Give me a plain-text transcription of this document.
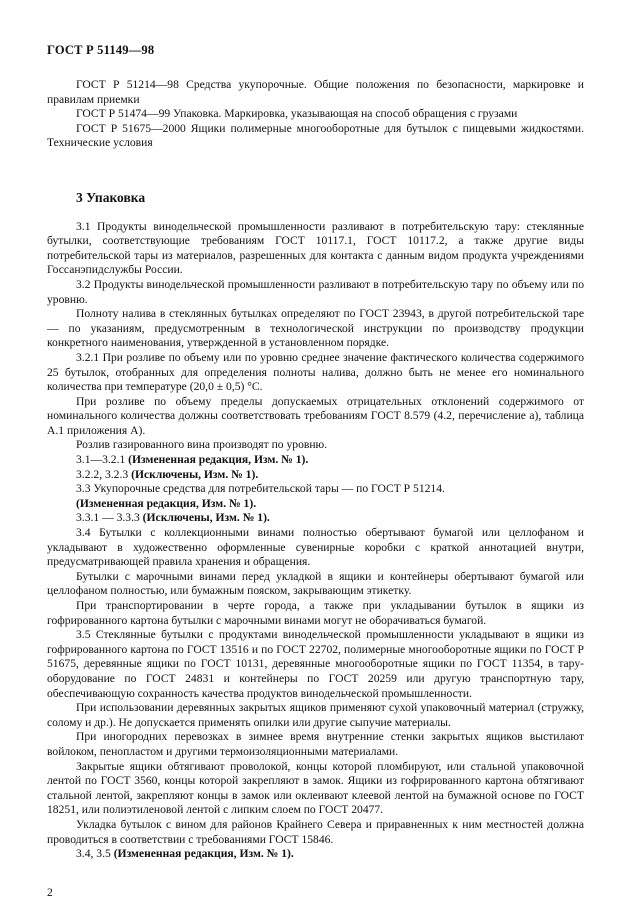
ГОСТ Р 51149—98

ГОСТ Р 51214—98 Средства укупорочные. Общие положения по безопасности, маркировке и правилам приемки

ГОСТ Р 51474—99 Упаковка. Маркировка, указывающая на способ обращения с грузами

ГОСТ Р 51675—2000 Ящики полимерные многооборотные для бутылок с пищевыми жидкостями. Технические условия

3 Упаковка

3.1 Продукты винодельческой промышленности разливают в потребительскую тару: стеклянные бутылки, соответствующие требованиям ГОСТ 10117.1, ГОСТ 10117.2, а также другие виды потребительской тары из материалов, разрешенных для контакта с данным видом продукта учреждениями Госсанэпидслужбы России.

3.2 Продукты винодельческой промышленности разливают в потребительскую тару по объему или по уровню.

Полноту налива в стеклянных бутылках определяют по ГОСТ 23943, в другой потребительской таре — по указаниям, предусмотренным в технологической инструкции по производству продукции конкретного наименования, утвержденной в установленном порядке.

3.2.1 При розливе по объему или по уровню среднее значение фактического количества содержимого 25 бутылок, отобранных для определения полноты налива, должно быть не менее его номинального количества при температуре (20,0 ± 0,5) °С.

При розливе по объему пределы допускаемых отрицательных отклонений содержимого от номинального количества должны соответствовать требованиям ГОСТ 8.579 (4.2, перечисление а), таблица А.1 приложения А).

Розлив газированного вина производят по уровню.

3.1—3.2.1 (Измененная редакция, Изм. № 1).

3.2.2, 3.2.3 (Исключены, Изм. № 1).

3.3 Укупорочные средства для потребительской тары — по ГОСТ Р 51214.

(Измененная редакция, Изм. № 1).

3.3.1 — 3.3.3 (Исключены, Изм. № 1).

3.4 Бутылки с коллекционными винами полностью обертывают бумагой или целлофаном и укладывают в художественно оформленные сувенирные коробки с краткой аннотацией внутри, предусматривающей правила хранения и обращения.

Бутылки с марочными винами перед укладкой в ящики и контейнеры обертывают бумагой или целлофаном полностью, или бумажным пояском, закрывающим этикетку.

При транспортировании в черте города, а также при укладывании бутылок в ящики из гофрированного картона бутылки с марочными винами могут не оборачиваться бумагой.

3.5 Стеклянные бутылки с продуктами винодельческой промышленности укладывают в ящики из гофрированного картона по ГОСТ 13516 и по ГОСТ 22702, полимерные многооборотные ящики по ГОСТ Р 51675, деревянные ящики по ГОСТ 10131, деревянные многооборотные ящики по ГОСТ 11354, в тару-оборудование по ГОСТ 24831 и контейнеры по ГОСТ 20259 или другую транспортную тару, обеспечивающую сохранность качества продуктов винодельческой промышленности.

При использовании деревянных закрытых ящиков применяют сухой упаковочный материал (стружку, солому и др.). Не допускается применять опилки или другие сыпучие материалы.

При иногородних перевозках в зимнее время внутренние стенки закрытых ящиков выстилают войлоком, пенопластом и другими термоизоляционными материалами.

Закрытые ящики обтягивают проволокой, концы которой пломбируют, или стальной упаковочной лентой по ГОСТ 3560, концы которой закрепляют в замок. Ящики из гофрированного картона обтягивают стальной лентой, закрепляют концы в замок или оклеивают клеевой лентой на бумажной основе по ГОСТ 18251, или полиэтиленовой лентой с липким слоем по ГОСТ 20477.

Укладка бутылок с вином для районов Крайнего Севера и приравненных к ним местностей должна проводиться в соответствии с требованиями ГОСТ 15846.

3.4, 3.5 (Измененная редакция, Изм. № 1).

2
